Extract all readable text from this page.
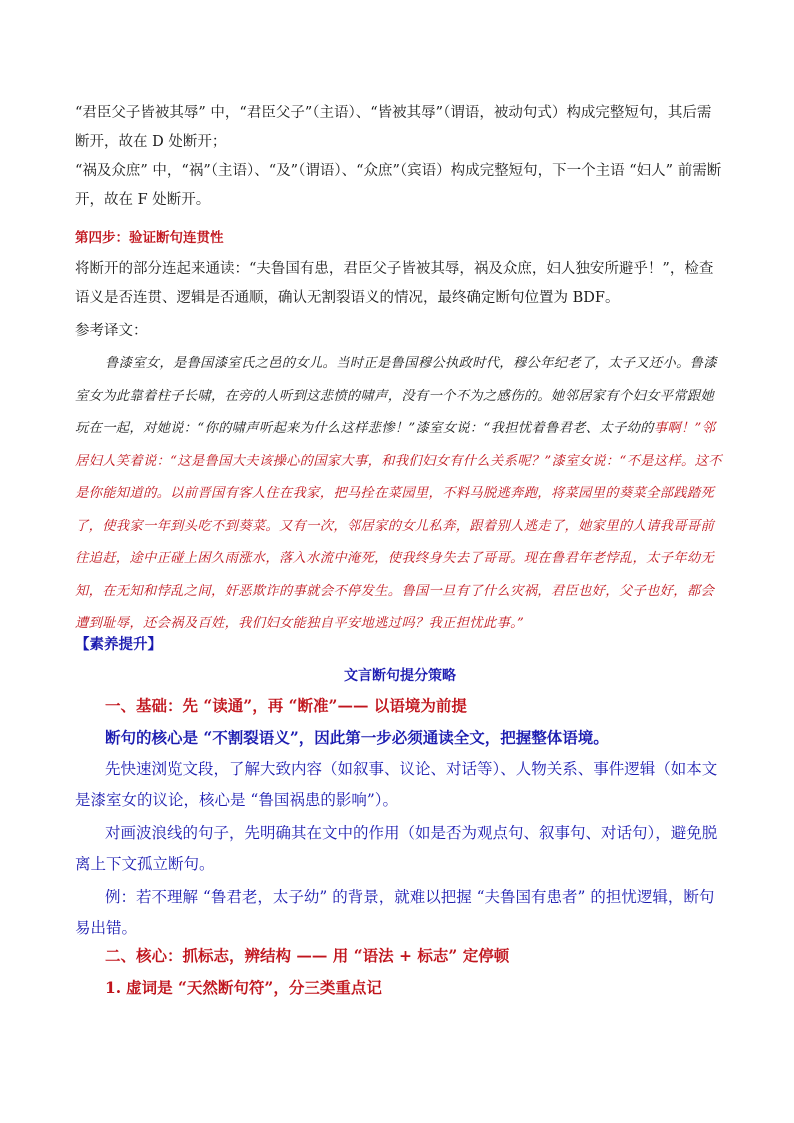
“君臣父子皆被其辱” 中，“君臣父子”（主语）、“皆被其辱”（谓语，被动句式）构成完整短句，其后需断开，故在 D 处断开；

“祸及众庶” 中，“祸”（主语）、“及”（谓语）、“众庶”（宾语）构成完整短句，下一个主语 “妇人” 前需断开，故在 F 处断开。

第四步：验证断句连贯性

将断开的部分连起来通读：“夫鲁国有患，君臣父子皆被其辱，祸及众庶，妇人独安所避乎！”，检查语义是否连贯、逻辑是否通顺，确认无割裂语义的情况，最终确定断句位置为 BDF。

参考译文：

鲁漆室女，是鲁国漆室氏之邑的女儿。当时正是鲁国穆公执政时代，穆公年纪老了，太子又还小。鲁漆室女为此靠着柱子长啸，在旁的人听到这悲愤的啸声，没有一个不为之感伤的。她邻居家有个妇女平常跟她玩在一起，对她说：“你的啸声听起来为什么这样悲惨！”漆室女说：“我担忧着鲁君老、太子幼的事啊！”邻居妇人笑着说：“这是鲁国大夫该操心的国家大事，和我们妇女有什么关系呢？”漆室女说：“不是这样。这不是你能知道的。以前晋国有客人住在我家，把马拴在菜园里，不料马脱逃奔跑，将菜园里的葵菜全部践踏死了，使我家一年到头吃不到葵菜。又有一次，邻居家的女儿私奔，跟着别人逃走了，她家里的人请我哥哥前往追赶，途中正碰上困久雨涨水，落入水流中淹死，使我终身失去了哥哥。现在鲁君年老悖乱，太子年幼无知，在无知和悖乱之间，奸恶欺诈的事就会不停发生。鲁国一旦有了什么灾祸，君臣也好，父子也好，都会遭到耻辱，还会祸及百姓，我们妇女能独自平安地逃过吗？我正担忧此事。”

【素养提升】

文言断句提分策略

一、基础：先 “读通”，再 “断准”—— 以语境为前提

断句的核心是 “不割裂语义”，因此第一步必须通读全文，把握整体语境。

先快速浏览文段，了解大致内容（如叙事、议论、对话等）、人物关系、事件逻辑（如本文是漆室女的议论，核心是 “鲁国祸患的影响”）。

对画波浪线的句子，先明确其在文中的作用（如是否为观点句、叙事句、对话句），避免脱离上下文孤立断句。

例：若不理解 “鲁君老，太子幼” 的背景，就难以把握 “夫鲁国有患者” 的担忧逻辑，断句易出错。

二、核心：抓标志，辨结构 —— 用 “语法 + 标志” 定停顿

1. 虚词是 “天然断句符”，分三类重点记
